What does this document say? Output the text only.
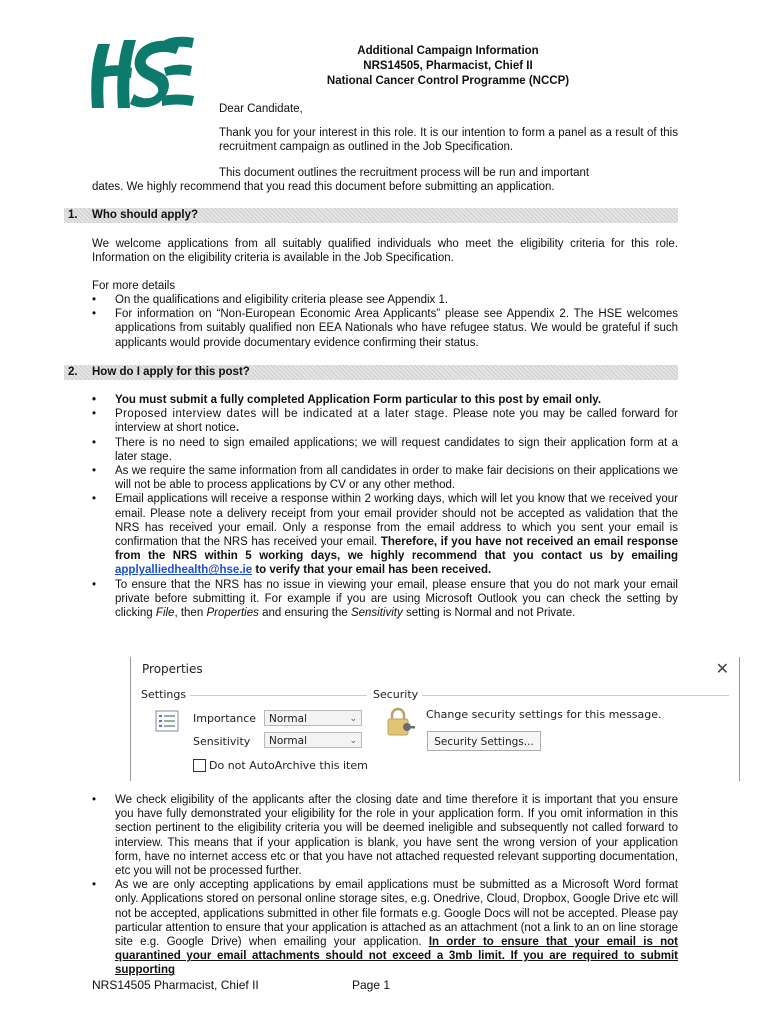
Additional Campaign Information
NRS14505, Pharmacist, Chief II
National Cancer Control Programme (NCCP)
Dear Candidate,
Thank you for your interest in this role. It is our intention to form a panel as a result of this recruitment campaign as outlined in the Job Specification.
This document outlines the recruitment process will be run and important
dates. We highly recommend that you read this document before submitting an application.
1. Who should apply?
We welcome applications from all suitably qualified individuals who meet the eligibility criteria for this role. Information on the eligibility criteria is available in the Job Specification.
For more details
• On the qualifications and eligibility criteria please see Appendix 1.
• For information on “Non-European Economic Area Applicants” please see Appendix 2. The HSE welcomes applications from suitably qualified non EEA Nationals who have refugee status. We would be grateful if such applicants would provide documentary evidence confirming their status.
2. How do I apply for this post?
• You must submit a fully completed Application Form particular to this post by email only.
• Proposed interview dates will be indicated at a later stage. Please note you may be called forward for interview at short notice.
• There is no need to sign emailed applications; we will request candidates to sign their application form at a later stage.
• As we require the same information from all candidates in order to make fair decisions on their applications we will not be able to process applications by CV or any other method.
• Email applications will receive a response within 2 working days, which will let you know that we received your email. Please note a delivery receipt from your email provider should not be accepted as validation that the NRS has received your email. Only a response from the email address to which you sent your email is confirmation that the NRS has received your email. Therefore, if you have not received an email response from the NRS within 5 working days, we highly recommend that you contact us by emailing applyalliedhealth@hse.ie to verify that your email has been received.
• To ensure that the NRS has no issue in viewing your email, please ensure that you do not mark your email private before submitting it. For example if you are using Microsoft Outlook you can check the setting by clicking File, then Properties and ensuring the Sensitivity setting is Normal and not Private.
Properties	✕
Settings
Importance	Normal	⌄
Sensitivity	Normal	⌄
Security
Change security settings for this message.
Security Settings...
Do not AutoArchive this item
• We check eligibility of the applicants after the closing date and time therefore it is important that you ensure you have fully demonstrated your eligibility for the role in your application form. If you omit information in this section pertinent to the eligibility criteria you will be deemed ineligible and subsequently not called forward to interview. This means that if your application is blank, you have sent the wrong version of your application form, have no internet access etc or that you have not attached requested relevant supporting documentation, etc you will not be processed further.
• As we are only accepting applications by email applications must be submitted as a Microsoft Word format only. Applications stored on personal online storage sites, e.g. Onedrive, Cloud, Dropbox, Google Drive etc will not be accepted, applications submitted in other file formats e.g. Google Docs will not be accepted. Please pay particular attention to ensure that your application is attached as an attachment (not a link to an on line storage site e.g. Google Drive) when emailing your application. In order to ensure that your email is not quarantined your email attachments should not exceed a 3mb limit. If you are required to submit supporting
NRS14505 Pharmacist, Chief II	Page 1
